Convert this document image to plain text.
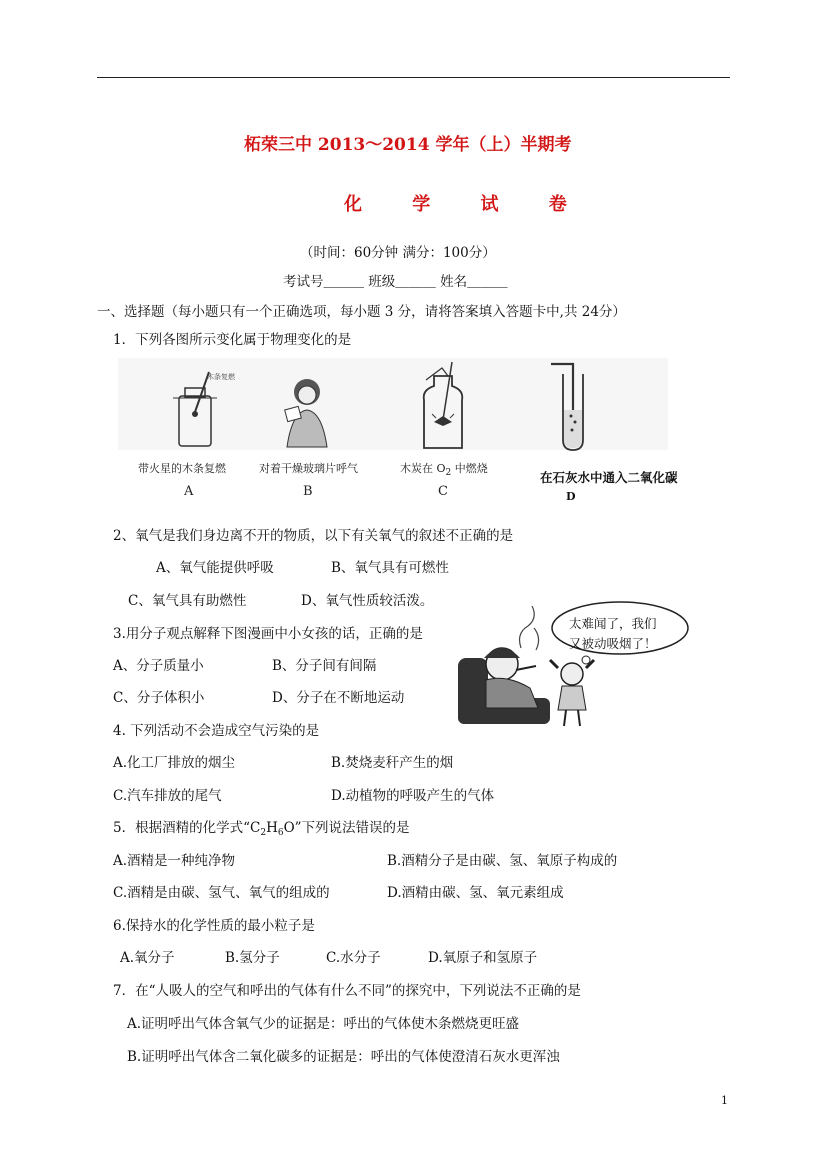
柘荣三中 2013～2014 学年（上）半期考
化 学 试 卷
（时间：60分钟 满分：100分）
考试号＿＿＿ 班级＿＿＿ 姓名＿＿＿
一、选择题（每小题只有一个正确选项，每小题 3 分，请将答案填入答题卡中,共 24分）
1．下列各图所示变化属于物理变化的是
木条复燃
带火星的木条复燃
A
对着干燥玻璃片呼气
B
木炭在 $O_2$ 中燃烧
C
在石灰水中通入二氧化碳
D
2、氧气是我们身边离不开的物质，以下有关氧气的叙述不正确的是
A、氧气能提供呼吸	B、氧气具有可燃性
C、氧气具有助燃性	D、氧气性质较活泼。
3.用分子观点解释下图漫画中小女孩的话，正确的是
A、分子质量小	B、分子间有间隔
C、分子体积小	D、分子在不断地运动
太难闻了，我们
又被动吸烟了！
4. 下列活动不会造成空气污染的是
A.化工厂排放的烟尘	B.焚烧麦秆产生的烟
C.汽车排放的尾气	D.动植物的呼吸产生的气体
5．根据酒精的化学式“$C_2H_6O$”下列说法错误的是
A.酒精是一种纯净物	B.酒精分子是由碳、氢、氧原子构成的
C.酒精是由碳、氢气、氧气的组成的	D.酒精由碳、氢、氧元素组成
6.保持水的化学性质的最小粒子是
A.氧分子	B.氢分子	C.水分子	D.氧原子和氢原子
7．在“人吸人的空气和呼出的气体有什么不同”的探究中，下列说法不正确的是
A.证明呼出气体含氧气少的证据是：呼出的气体使木条燃烧更旺盛
B.证明呼出气体含二氧化碳多的证据是：呼出的气体使澄清石灰水更浑浊
1
